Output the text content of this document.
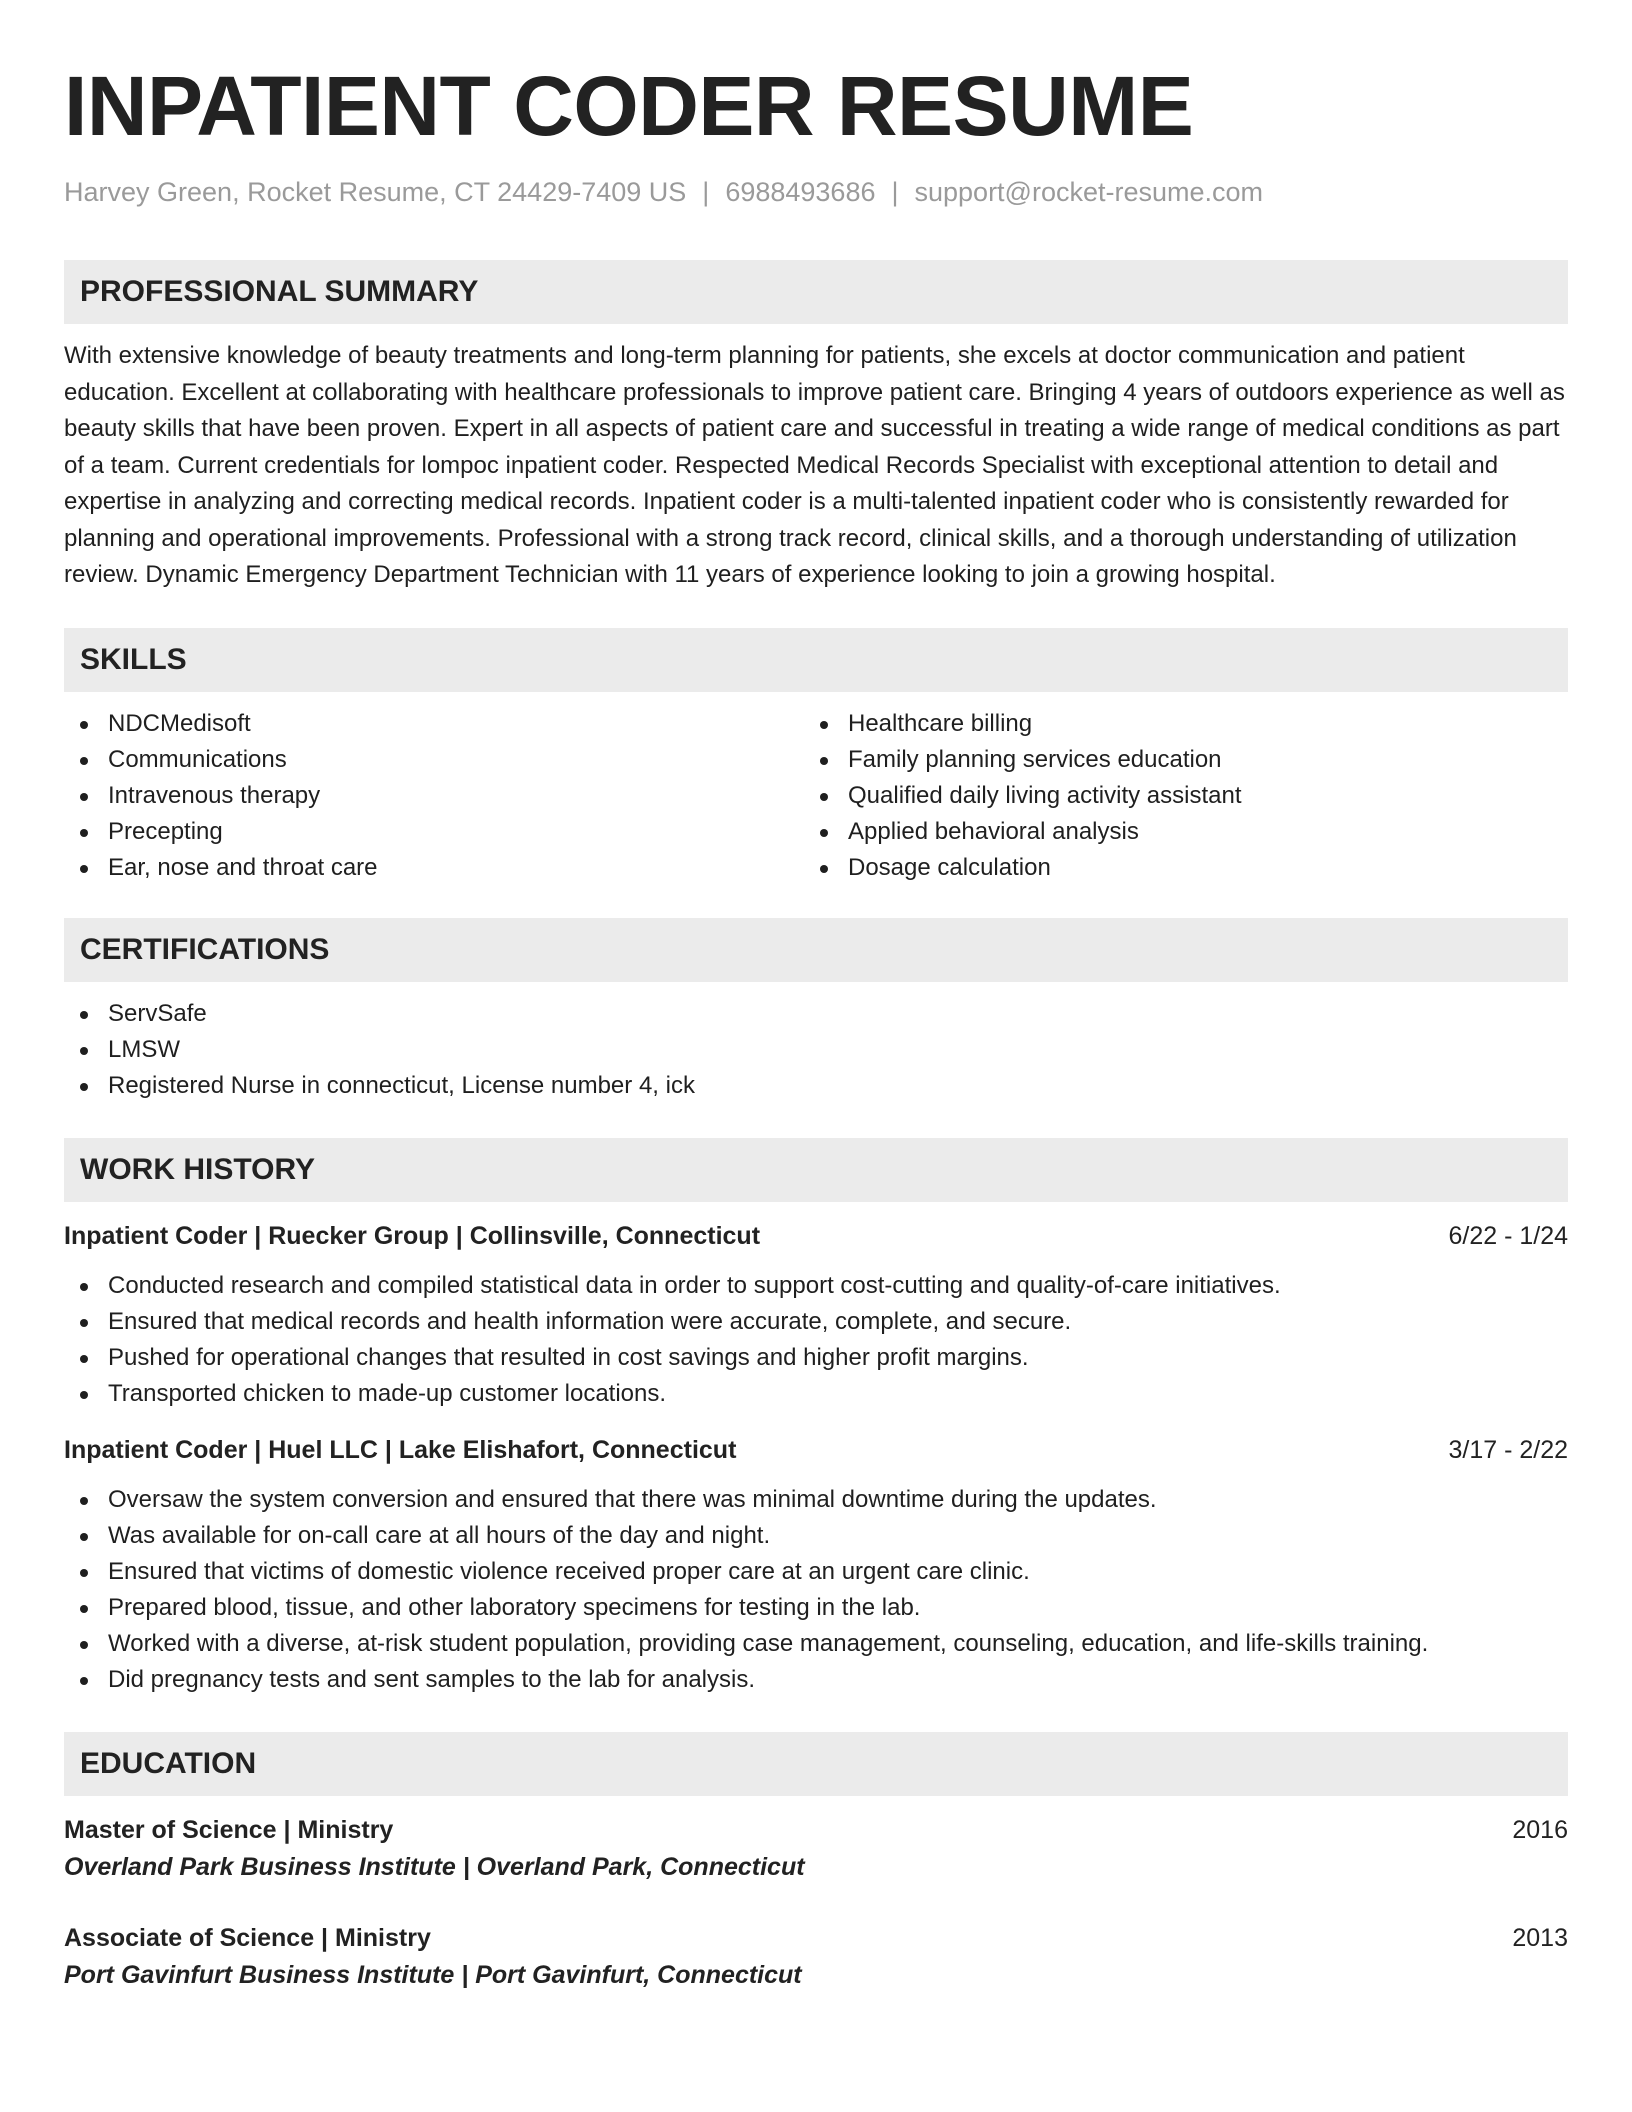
INPATIENT CODER RESUME
Harvey Green, Rocket Resume, CT 24429-7409 US | 6988493686 | support@rocket-resume.com
PROFESSIONAL SUMMARY

With extensive knowledge of beauty treatments and long-term planning for patients, she excels at doctor communication and patient education. Excellent at collaborating with healthcare professionals to improve patient care. Bringing 4 years of outdoors experience as well as beauty skills that have been proven. Expert in all aspects of patient care and successful in treating a wide range of medical conditions as part of a team. Current credentials for lompoc inpatient coder. Respected Medical Records Specialist with exceptional attention to detail and expertise in analyzing and correcting medical records. Inpatient coder is a multi-talented inpatient coder who is consistently rewarded for planning and operational improvements. Professional with a strong track record, clinical skills, and a thorough understanding of utilization review. Dynamic Emergency Department Technician with 11 years of experience looking to join a growing hospital.

SKILLS
NDCMedisoft
Communications
Intravenous therapy
Precepting
Ear, nose and throat care
Healthcare billing
Family planning services education
Qualified daily living activity assistant
Applied behavioral analysis
Dosage calculation
CERTIFICATIONS
ServSafe
LMSW
Registered Nurse in connecticut, License number 4, ick
WORK HISTORY
Inpatient Coder | Ruecker Group | Collinsville, Connecticut	6/22 - 1/24
Conducted research and compiled statistical data in order to support cost-cutting and quality-of-care initiatives.
Ensured that medical records and health information were accurate, complete, and secure.
Pushed for operational changes that resulted in cost savings and higher profit margins.
Transported chicken to made-up customer locations.
Inpatient Coder | Huel LLC | Lake Elishafort, Connecticut	3/17 - 2/22
Oversaw the system conversion and ensured that there was minimal downtime during the updates.
Was available for on-call care at all hours of the day and night.
Ensured that victims of domestic violence received proper care at an urgent care clinic.
Prepared blood, tissue, and other laboratory specimens for testing in the lab.
Worked with a diverse, at-risk student population, providing case management, counseling, education, and life-skills training.
Did pregnancy tests and sent samples to the lab for analysis.
EDUCATION
Master of Science | Ministry	2016
Overland Park Business Institute | Overland Park, Connecticut
Associate of Science | Ministry	2013
Port Gavinfurt Business Institute | Port Gavinfurt, Connecticut
